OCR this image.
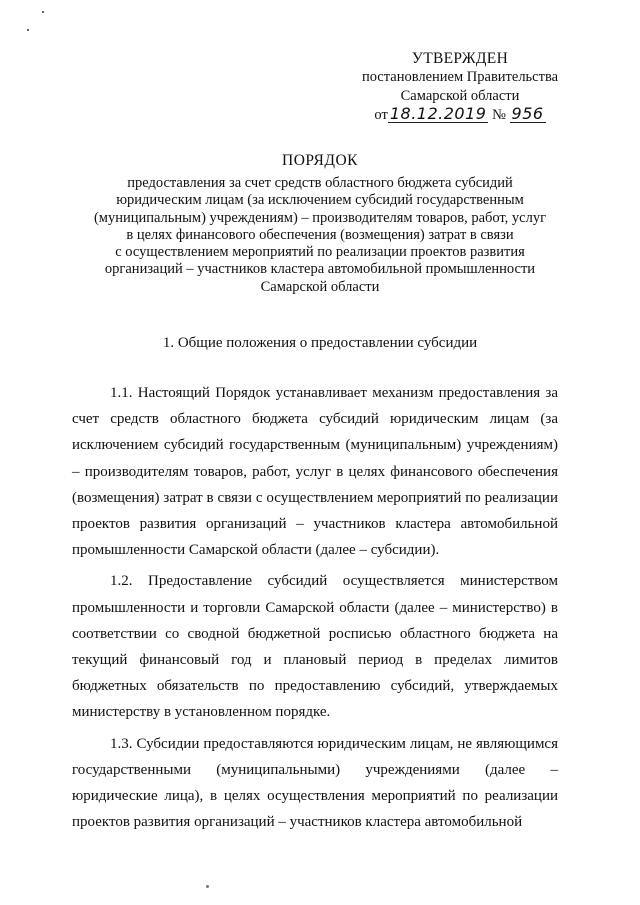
УТВЕРЖДЕН
постановлением Правительства
Самарской области
от 18.12.2019 № 956
ПОРЯДОК
предоставления за счет средств областного бюджета субсидий
юридическим лицам (за исключением субсидий государственным
(муниципальным) учреждениям) – производителям товаров, работ, услуг
в целях финансового обеспечения (возмещения) затрат в связи
с осуществлением мероприятий по реализации проектов развития
организаций – участников кластера автомобильной промышленности
Самарской области
1. Общие положения о предоставлении субсидии

1.1. Настоящий Порядок устанавливает механизм предоставления за счет средств областного бюджета субсидий юридическим лицам (за исключением субсидий государственным (муниципальным) учреждениям) – производителям товаров, работ, услуг в целях финансового обеспечения (возмещения) затрат в связи с осуществлением мероприятий по реализации проектов развития организаций – участников кластера автомобильной промышленности Самарской области (далее – субсидии).

1.2. Предоставление субсидий осуществляется министерством промышленности и торговли Самарской области (далее – министерство) в соответствии со сводной бюджетной росписью областного бюджета на текущий финансовый год и плановый период в пределах лимитов бюджетных обязательств по предоставлению субсидий, утверждаемых министерству в установленном порядке.

1.3. Субсидии предоставляются юридическим лицам, не являющимся государственными (муниципальными) учреждениями (далее – юридические лица), в целях осуществления мероприятий по реализации проектов развития организаций – участников кластера автомобильной
